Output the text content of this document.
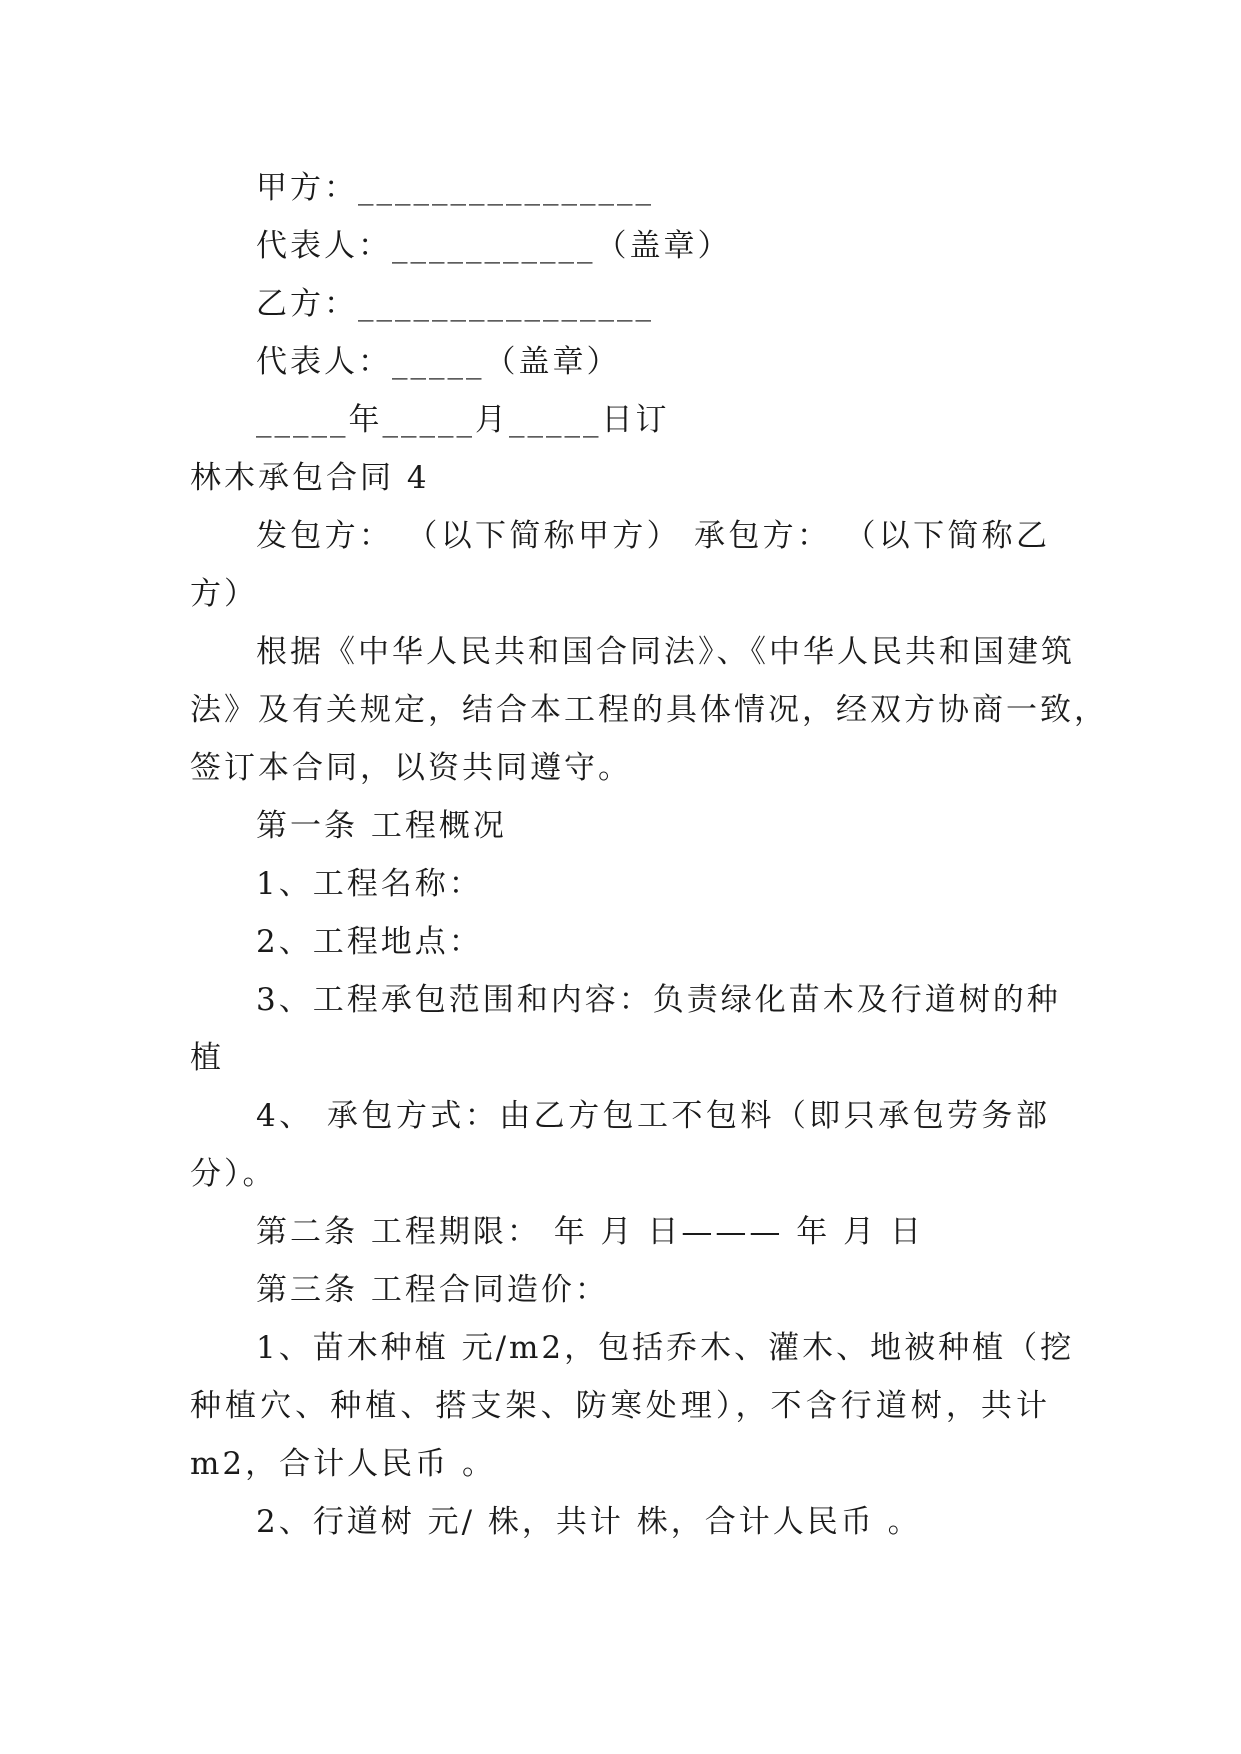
甲方：________________
代表人：___________（盖章）
乙方：________________
代表人：_____（盖章）
_____年_____月_____日订
林木承包合同 4
发包方： （以下简称甲方） 承包方： （以下简称乙
方）
根据《中华人民共和国合同法》、《中华人民共和国建筑
法》及有关规定，结合本工程的具体情况，经双方协商一致，
签订本合同，以资共同遵守。
第一条 工程概况
1、工程名称：
2、工程地点：
3、工程承包范围和内容：负责绿化苗木及行道树的种
植
4、 承包方式：由乙方包工不包料（即只承包劳务部
分）。
第二条 工程期限： 年 月 日——— 年 月 日
第三条 工程合同造价：
1、苗木种植 元/m2，包括乔木、灌木、地被种植（挖
种植穴、种植、搭支架、防寒处理），不含行道树，共计
m2，合计人民币 。
2、行道树 元/ 株，共计 株，合计人民币 。
